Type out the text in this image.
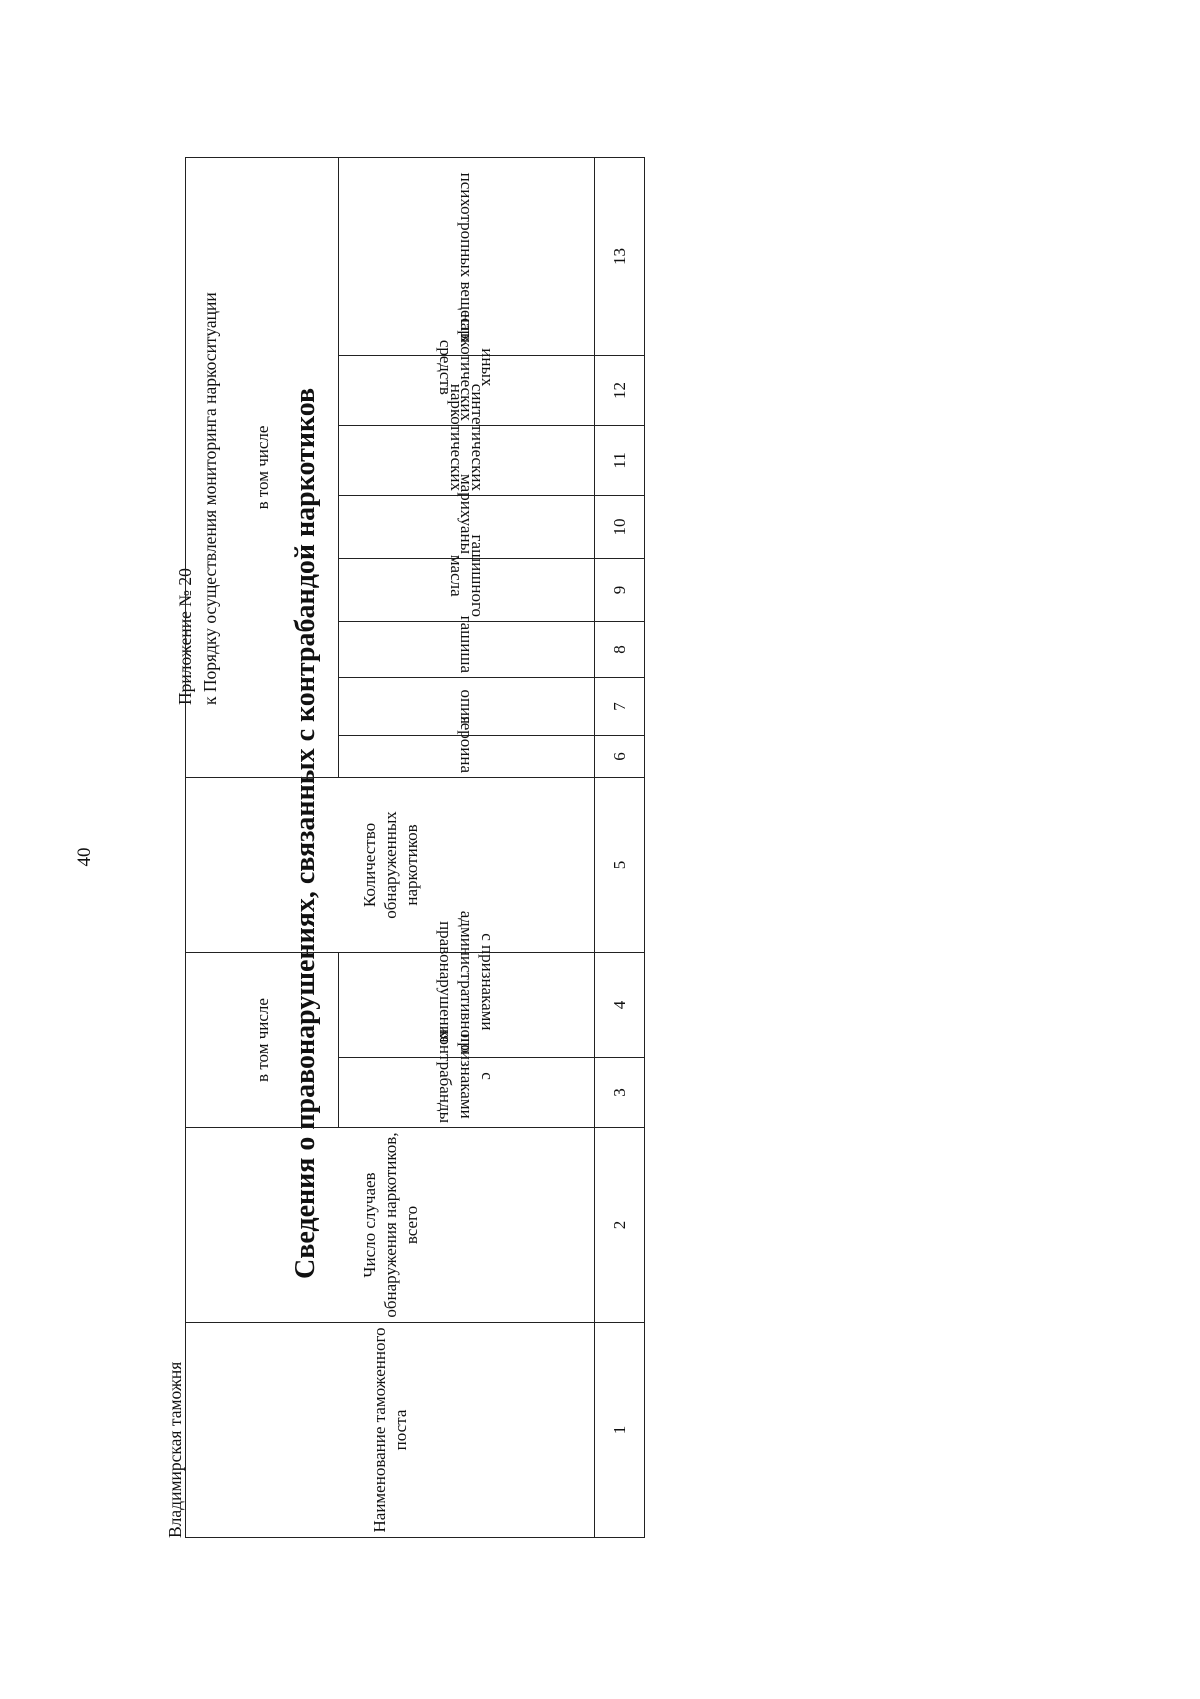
40
Приложение № 20 к Порядку осуществления мониторинга наркоситуации
Владимирская таможня
Сведения о правонарушениях, связанных с контрабандой наркотиков
Наименование таможенного поста	Число случаев обнаружения наркотиков, всего	в том числе		Количество обнаруженных наркотиков	в том числе							
		с признаками контрабанды	с признаками административного правонарушения		героина	опия	гашиша	гашишного масла	марихуаны	синтетических наркотических	иных наркотических средств	психотропных веществ
1	2	3	4	5	6	7	8	9	10	11	12	13
